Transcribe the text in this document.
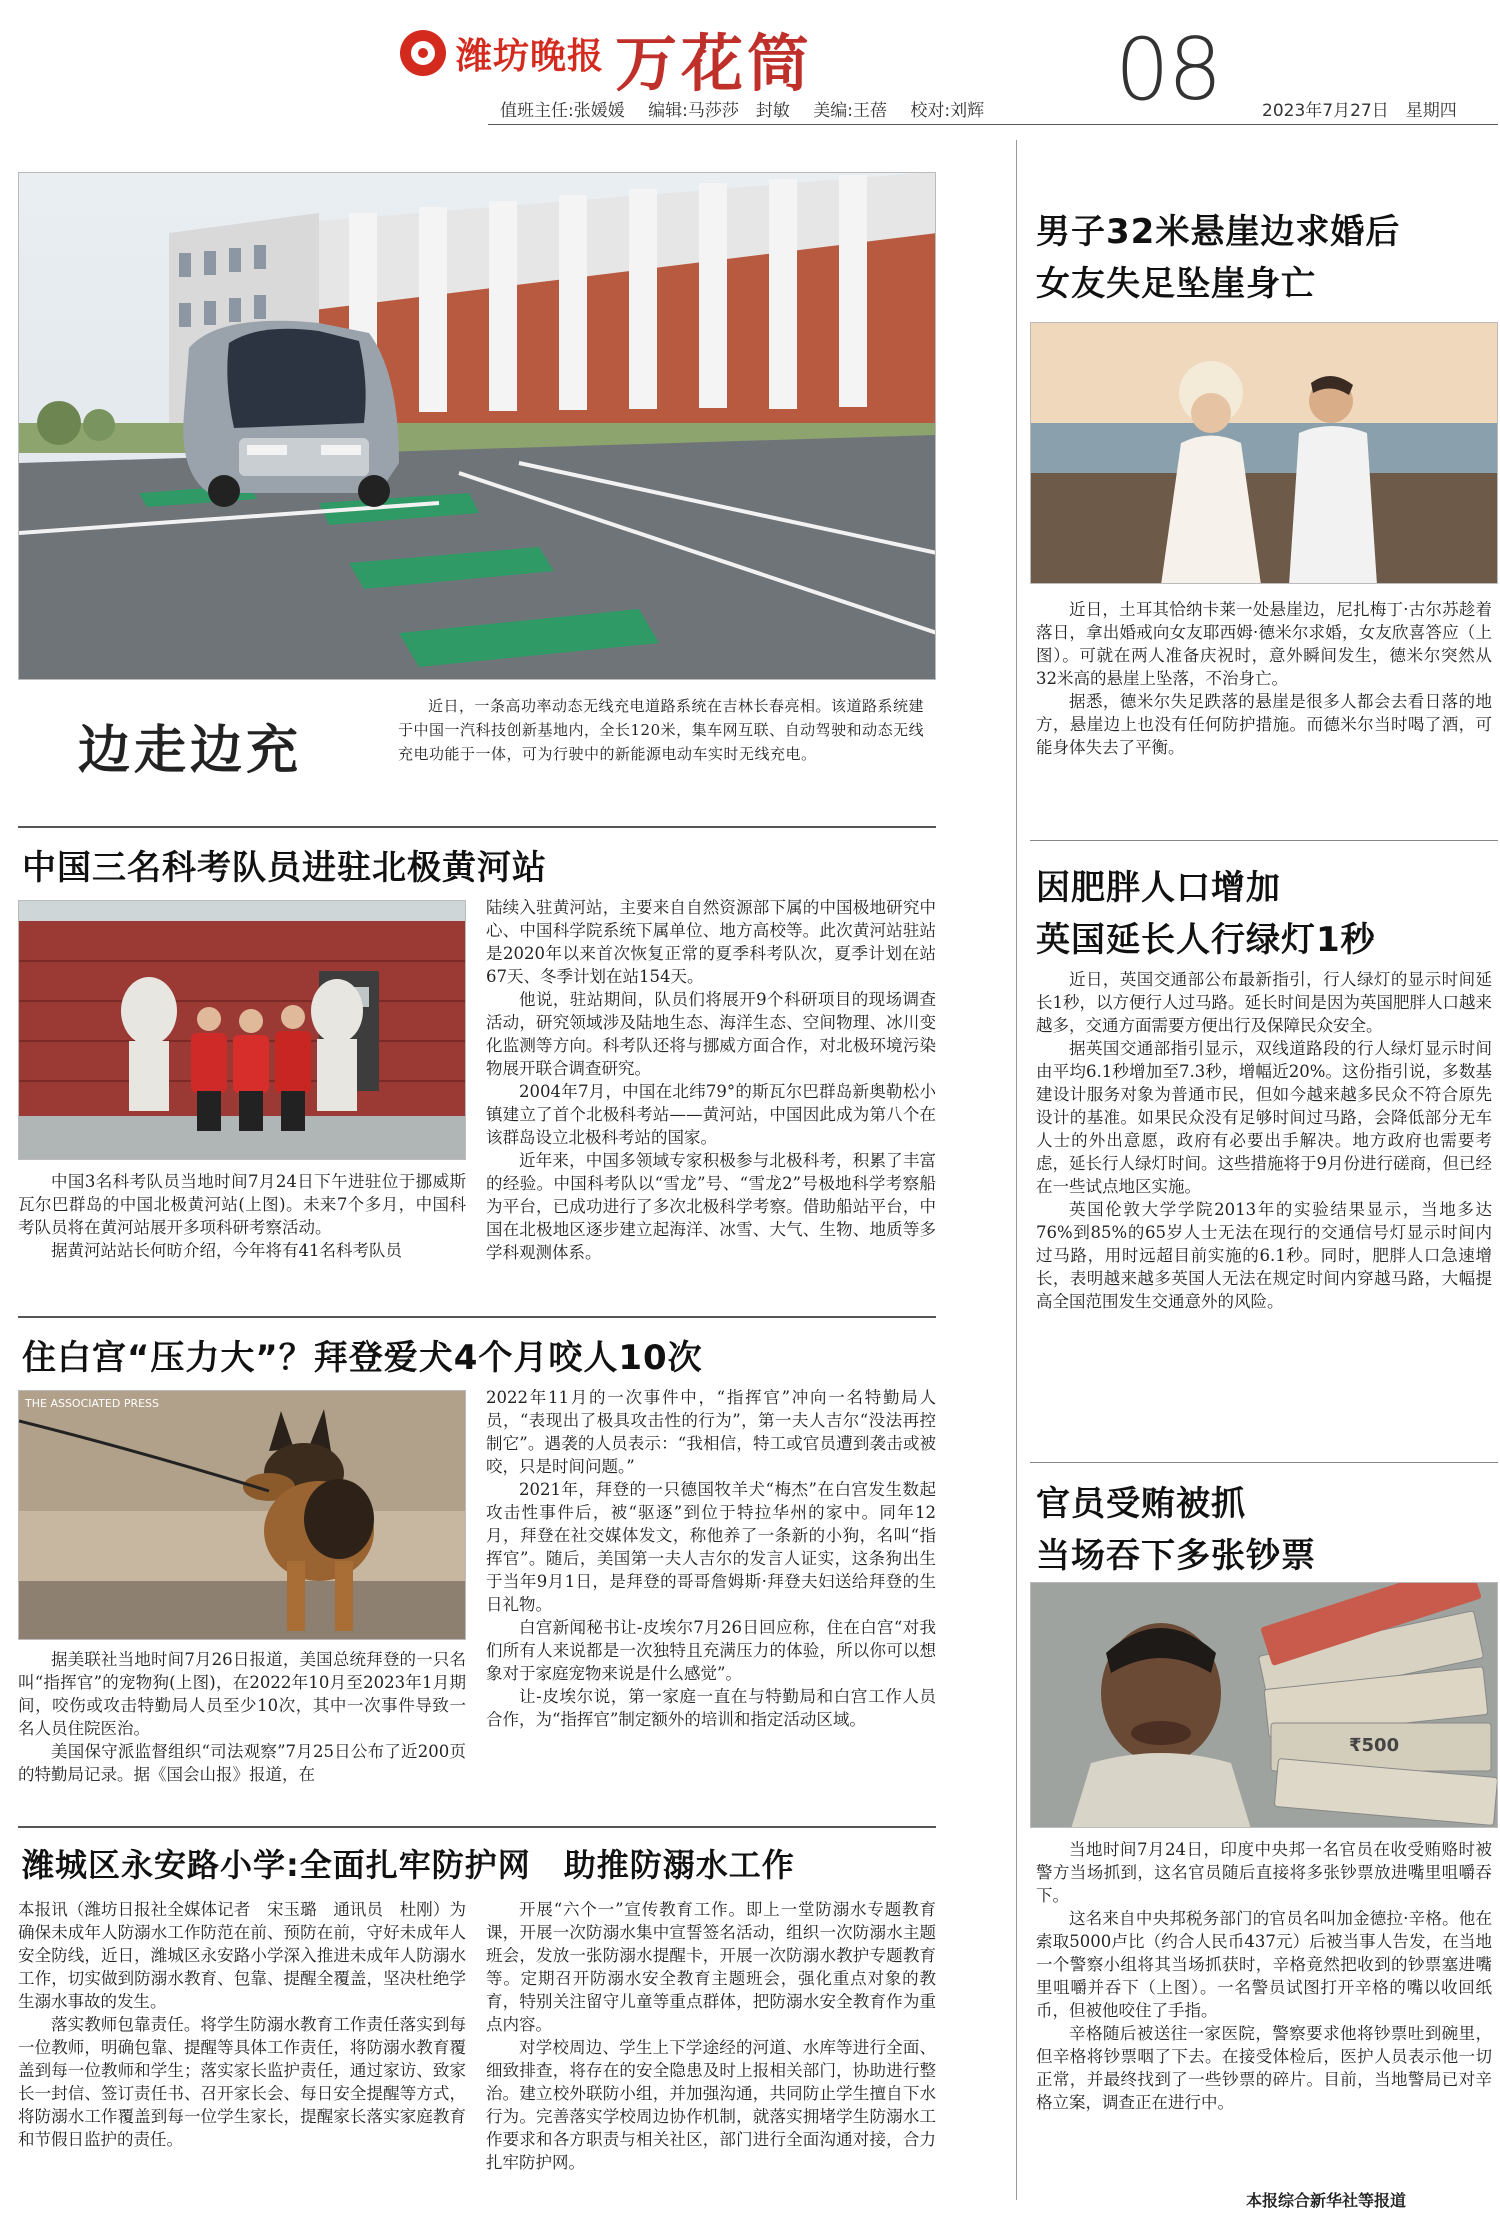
潍坊晚报 万花筒	08
值班主任:张媛媛 编辑:马莎莎　封敏 美编:王蓓 校对:刘辉	2023年7月27日　星期四
边走边充
近日，一条高功率动态无线充电道路系统在吉林长春亮相。该道路系统建于中国一汽科技创新基地内，全长120米，集车网互联、自动驾驶和动态无线充电功能于一体，可为行驶中的新能源电动车实时无线充电。
中国三名科考队员进驻北极黄河站

中国3名科考队员当地时间7月24日下午进驻位于挪威斯瓦尔巴群岛的中国北极黄河站(上图)。未来7个多月，中国科考队员将在黄河站展开多项科研考察活动。

据黄河站站长何昉介绍，今年将有41名科考队员

陆续入驻黄河站，主要来自自然资源部下属的中国极地研究中心、中国科学院系统下属单位、地方高校等。此次黄河站驻站是2020年以来首次恢复正常的夏季科考队次，夏季计划在站67天、冬季计划在站154天。

他说，驻站期间，队员们将展开9个科研项目的现场调查活动，研究领域涉及陆地生态、海洋生态、空间物理、冰川变化监测等方向。科考队还将与挪威方面合作，对北极环境污染物展开联合调查研究。

2004年7月，中国在北纬79°的斯瓦尔巴群岛新奥勒松小镇建立了首个北极科考站——黄河站，中国因此成为第八个在该群岛设立北极科考站的国家。

近年来，中国多领域专家积极参与北极科考，积累了丰富的经验。中国科考队以“雪龙”号、“雪龙2”号极地科学考察船为平台，已成功进行了多次北极科学考察。借助船站平台，中国在北极地区逐步建立起海洋、冰雪、大气、生物、地质等多学科观测体系。

住白宫“压力大”？拜登爱犬4个月咬人10次
THE ASSOCIATED PRESS

据美联社当地时间7月26日报道，美国总统拜登的一只名叫“指挥官”的宠物狗(上图)，在2022年10月至2023年1月期间，咬伤或攻击特勤局人员至少10次，其中一次事件导致一名人员住院医治。

美国保守派监督组织“司法观察”7月25日公布了近200页的特勤局记录。据《国会山报》报道，在

2022年11月的一次事件中，“指挥官”冲向一名特勤局人员，“表现出了极具攻击性的行为”，第一夫人吉尔“没法再控制它”。遇袭的人员表示：“我相信，特工或官员遭到袭击或被咬，只是时间问题。”

2021年，拜登的一只德国牧羊犬“梅杰”在白宫发生数起攻击性事件后，被“驱逐”到位于特拉华州的家中。同年12月，拜登在社交媒体发文，称他养了一条新的小狗，名叫“指挥官”。随后，美国第一夫人吉尔的发言人证实，这条狗出生于当年9月1日，是拜登的哥哥詹姆斯·拜登夫妇送给拜登的生日礼物。

白宫新闻秘书让-皮埃尔7月26日回应称，住在白宫“对我们所有人来说都是一次独特且充满压力的体验，所以你可以想象对于家庭宠物来说是什么感觉”。

让-皮埃尔说，第一家庭一直在与特勤局和白宫工作人员合作，为“指挥官”制定额外的培训和指定活动区域。

潍城区永安路小学:全面扎牢防护网　助推防溺水工作

本报讯（潍坊日报社全媒体记者　宋玉璐　通讯员　杜刚）为确保未成年人防溺水工作防范在前、预防在前，守好未成年人安全防线，近日，潍城区永安路小学深入推进未成年人防溺水工作，切实做到防溺水教育、包靠、提醒全覆盖，坚决杜绝学生溺水事故的发生。

落实教师包靠责任。将学生防溺水教育工作责任落实到每一位教师，明确包靠、提醒等具体工作责任，将防溺水教育覆盖到每一位教师和学生；落实家长监护责任，通过家访、致家长一封信、签订责任书、召开家长会、每日安全提醒等方式，将防溺水工作覆盖到每一位学生家长，提醒家长落实家庭教育和节假日监护的责任。

开展“六个一”宣传教育工作。即上一堂防溺水专题教育课，开展一次防溺水集中宣誓签名活动，组织一次防溺水主题班会，发放一张防溺水提醒卡，开展一次防溺水教护专题教育等。定期召开防溺水安全教育主题班会，强化重点对象的教育，特别关注留守儿童等重点群体，把防溺水安全教育作为重点内容。

对学校周边、学生上下学途经的河道、水库等进行全面、细致排查，将存在的安全隐患及时上报相关部门，协助进行整治。建立校外联防小组，并加强沟通，共同防止学生擅自下水行为。完善落实学校周边协作机制，就落实拥堵学生防溺水工作要求和各方职责与相关社区，部门进行全面沟通对接，合力扎牢防护网。

男子32米悬崖边求婚后
女友失足坠崖身亡

近日，土耳其恰纳卡莱一处悬崖边，尼扎梅丁·古尔苏趁着落日，拿出婚戒向女友耶西姆·德米尔求婚，女友欣喜答应（上图）。可就在两人准备庆祝时，意外瞬间发生，德米尔突然从32米高的悬崖上坠落，不治身亡。

据悉，德米尔失足跌落的悬崖是很多人都会去看日落的地方，悬崖边上也没有任何防护措施。而德米尔当时喝了酒，可能身体失去了平衡。

因肥胖人口增加
英国延长人行绿灯1秒

近日，英国交通部公布最新指引，行人绿灯的显示时间延长1秒，以方便行人过马路。延长时间是因为英国肥胖人口越来越多，交通方面需要方便出行及保障民众安全。

据英国交通部指引显示，双线道路段的行人绿灯显示时间由平均6.1秒增加至7.3秒，增幅近20%。这份指引说，多数基建设计服务对象为普通市民，但如今越来越多民众不符合原先设计的基准。如果民众没有足够时间过马路，会降低部分无车人士的外出意愿，政府有必要出手解决。地方政府也需要考虑，延长行人绿灯时间。这些措施将于9月份进行磋商，但已经在一些试点地区实施。

英国伦敦大学学院2013年的实验结果显示，当地多达76%到85%的65岁人士无法在现行的交通信号灯显示时间内过马路，用时远超目前实施的6.1秒。同时，肥胖人口急速增长，表明越来越多英国人无法在规定时间内穿越马路，大幅提高全国范围发生交通意外的风险。

官员受贿被抓
当场吞下多张钞票
₹500

当地时间7月24日，印度中央邦一名官员在收受贿赂时被警方当场抓到，这名官员随后直接将多张钞票放进嘴里咀嚼吞下。

这名来自中央邦税务部门的官员名叫加金德拉·辛格。他在索取5000卢比（约合人民币437元）后被当事人告发，在当地一个警察小组将其当场抓获时，辛格竟然把收到的钞票塞进嘴里咀嚼并吞下（上图）。一名警员试图打开辛格的嘴以收回纸币，但被他咬住了手指。

辛格随后被送往一家医院，警察要求他将钞票吐到碗里，但辛格将钞票咽了下去。在接受体检后，医护人员表示他一切正常，并最终找到了一些钞票的碎片。目前，当地警局已对辛格立案，调查正在进行中。

本报综合新华社等报道
